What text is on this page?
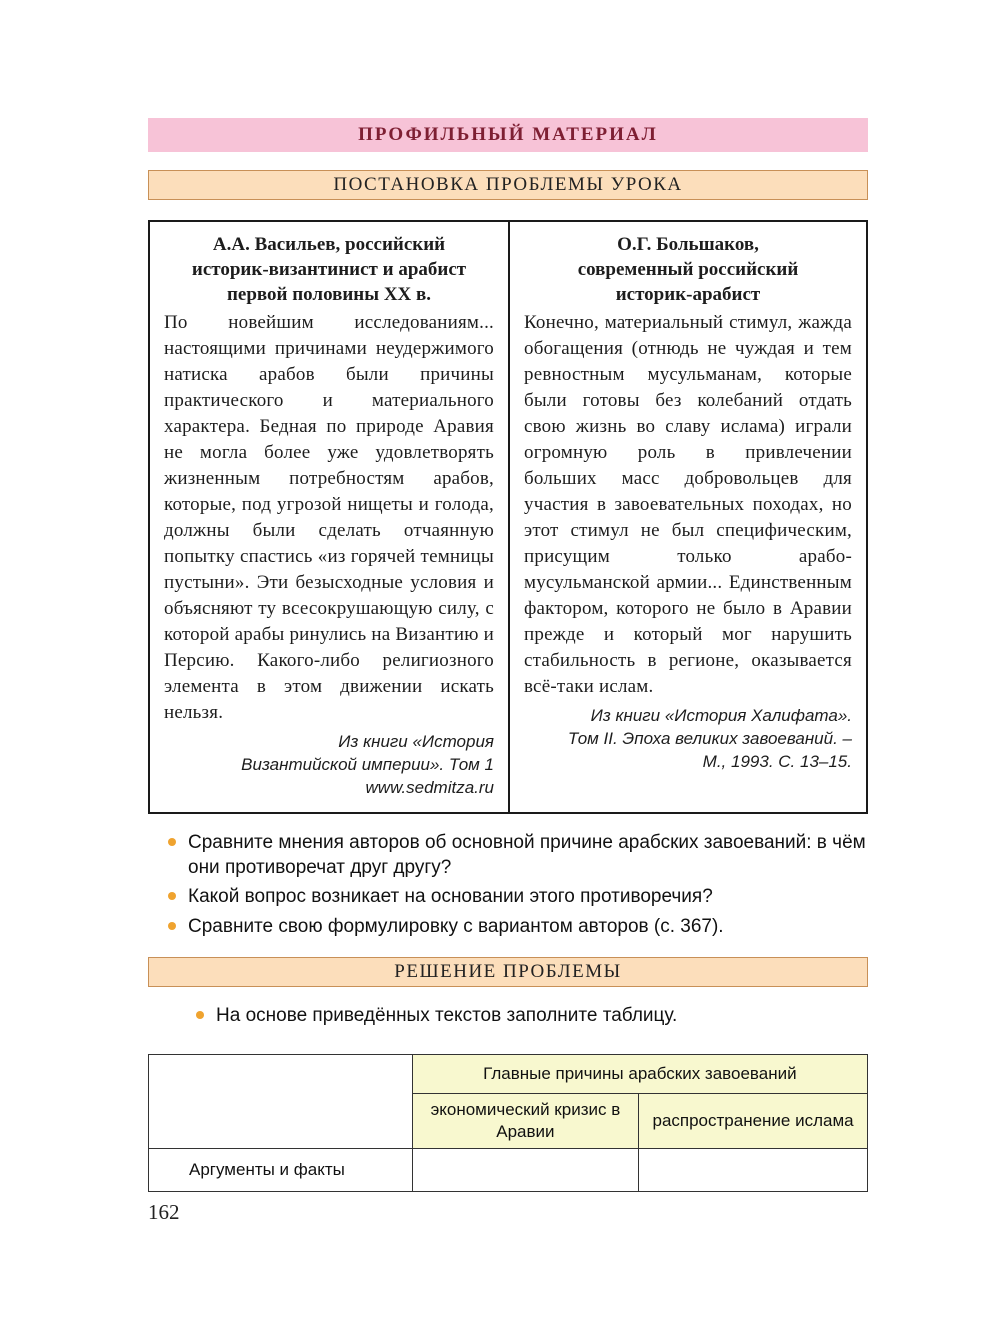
ПРОФИЛЬНЫЙ МАТЕРИАЛ
ПОСТАНОВКА ПРОБЛЕМЫ УРОКА
А.А. Васильев, российский
историк-византинист и арабист
первой половины XX в.
По новейшим исследованиям... настоящими причинами неудержимого натиска арабов были причины практического и материального характера. Бедная по природе Аравия не могла более уже удовлетворять жизненным потребностям арабов, которые, под угрозой нищеты и голода, должны были сделать отчаянную попытку спастись «из горячей темницы пустыни». Эти безысходные условия и объясняют ту всесокрушающую силу, с которой арабы ринулись на Византию и Персию. Какого-либо религиозного элемента в этом движении искать нельзя.
Из книги «История
Византийской империи». Том 1
www.sedmitza.ru
О.Г. Большаков,
современный российский
историк-арабист
Конечно, материальный стимул, жажда обогащения (отнюдь не чуждая и тем ревностным мусульманам, которые были готовы без колебаний отдать свою жизнь во славу ислама) играли огромную роль в привлечении больших масс добровольцев для участия в завоевательных походах, но этот стимул не был специфическим, присущим только арабо-мусульманской армии... Единственным фактором, которого не было в Аравии прежде и который мог нарушить стабильность в регионе, оказывается всё-таки ислам.
Из книги «История Халифата».
Том II. Эпоха великих завоеваний. –
М., 1993. С. 13–15.
Сравните мнения авторов об основной причине арабских завоеваний: в чём они противоречат друг другу?
Какой вопрос возникает на основании этого противоречия?
Сравните свою формулировку с вариантом авторов (с. 367).
РЕШЕНИЕ ПРОБЛЕМЫ
На основе приведённых текстов заполните таблицу.
	Главные причины арабских завоеваний	
	экономический кризис в Аравии	распространение ислама
Аргументы и факты		
162
